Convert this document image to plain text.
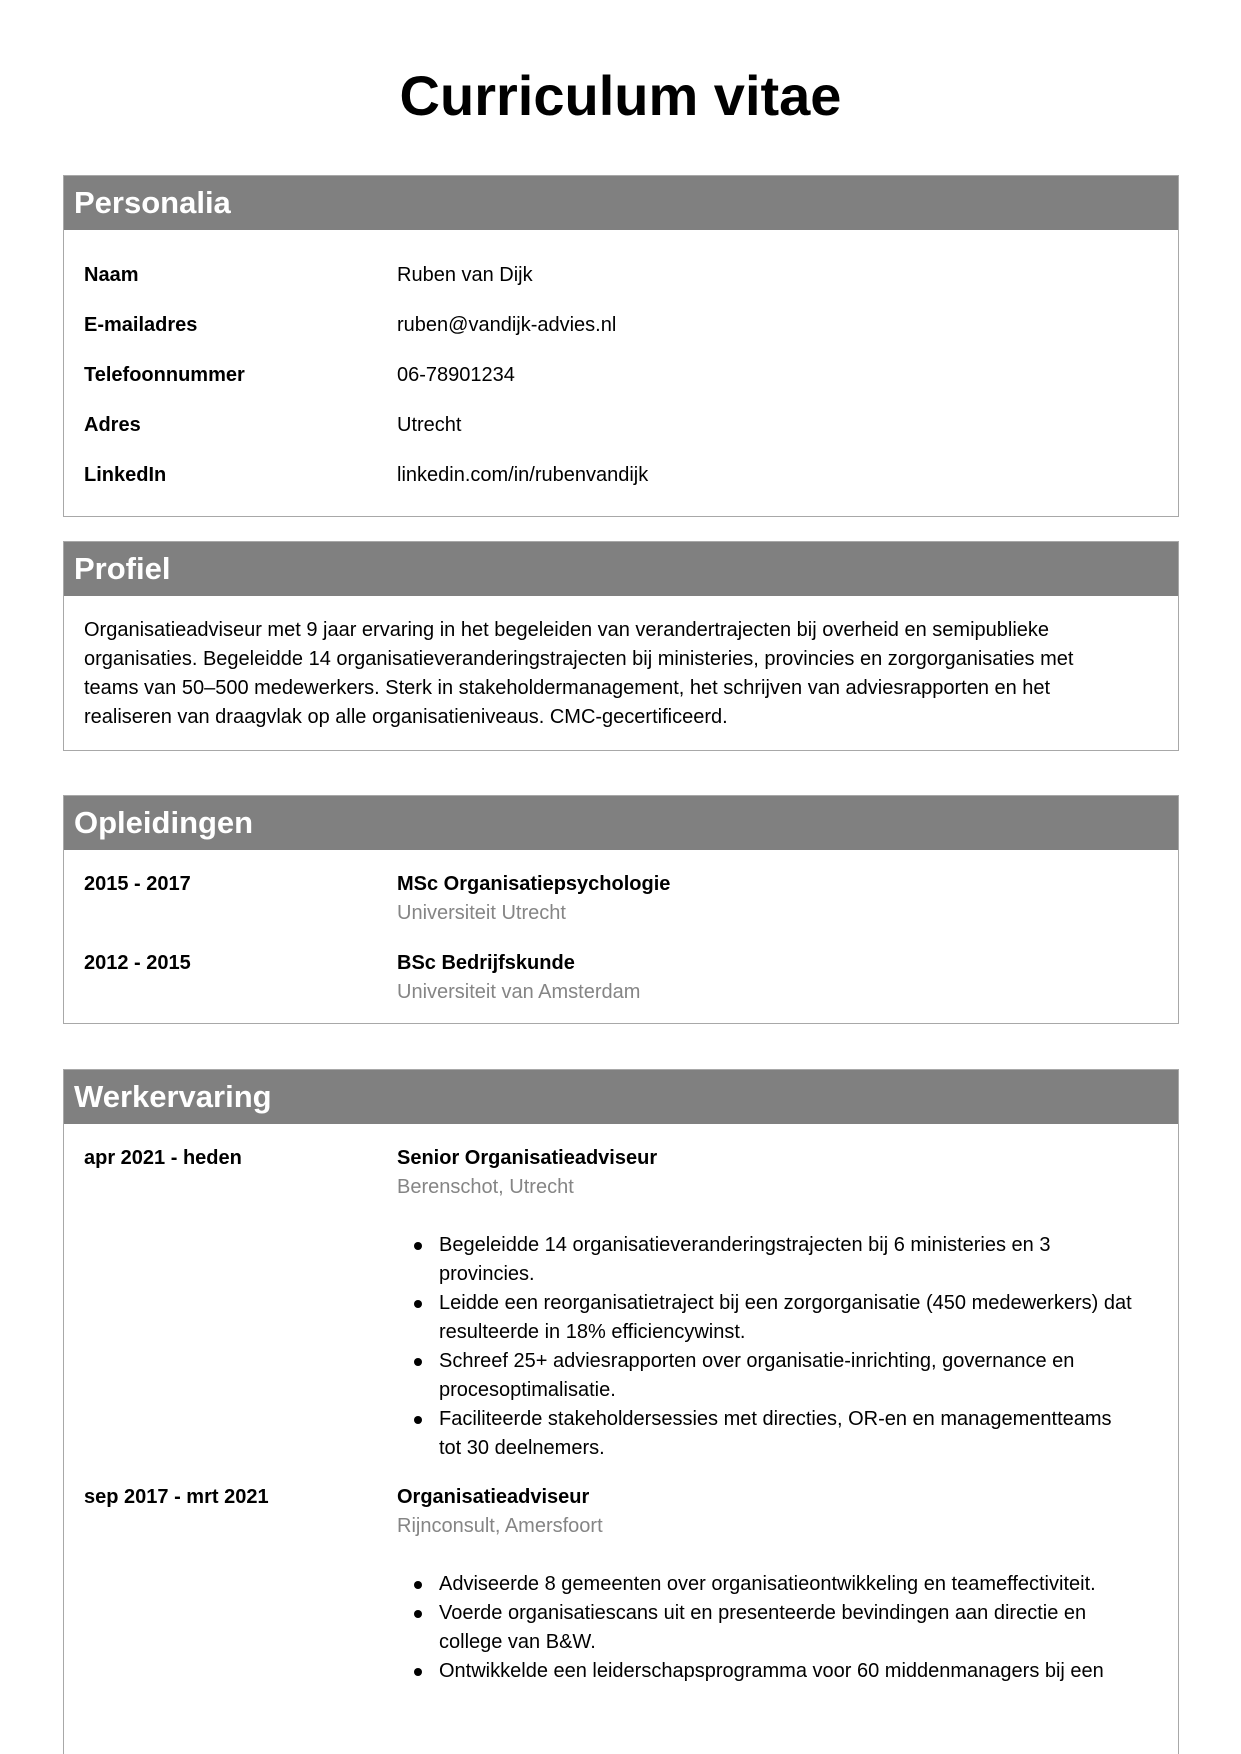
Curriculum vitae
Personalia
Naam	Ruben van Dijk
E-mailadres	ruben@vandijk-advies.nl
Telefoonnummer	06-78901234
Adres	Utrecht
LinkedIn	linkedin.com/in/rubenvandijk
Profiel
Organisatieadviseur met 9 jaar ervaring in het begeleiden van verandertrajecten bij overheid en semipublieke organisaties. Begeleidde 14 organisatieveranderingstrajecten bij ministeries, provincies en zorgorganisaties met teams van 50–500 medewerkers. Sterk in stakeholdermanagement, het schrijven van adviesrapporten en het realiseren van draagvlak op alle organisatieniveaus. CMC-gecertificeerd.
Opleidingen
2015 - 2017	MSc Organisatiepsychologie
Universiteit Utrecht
2012 - 2015	BSc Bedrijfskunde
Universiteit van Amsterdam
Werkervaring
apr 2021 - heden	Senior Organisatieadviseur
Berenschot, Utrecht
Begeleidde 14 organisatieveranderingstrajecten bij 6 ministeries en 3 provincies.
Leidde een reorganisatietraject bij een zorgorganisatie (450 medewerkers) dat resulteerde in 18% efficiencywinst.
Schreef 25+ adviesrapporten over organisatie-inrichting, governance en procesoptimalisatie.
Faciliteerde stakeholdersessies met directies, OR-en en managementteams tot 30 deelnemers.
sep 2017 - mrt 2021	Organisatieadviseur
Rijnconsult, Amersfoort
Adviseerde 8 gemeenten over organisatieontwikkeling en teameffectiviteit.
Voerde organisatiescans uit en presenteerde bevindingen aan directie en college van B&W.
Ontwikkelde een leiderschapsprogramma voor 60 middenmanagers bij een
